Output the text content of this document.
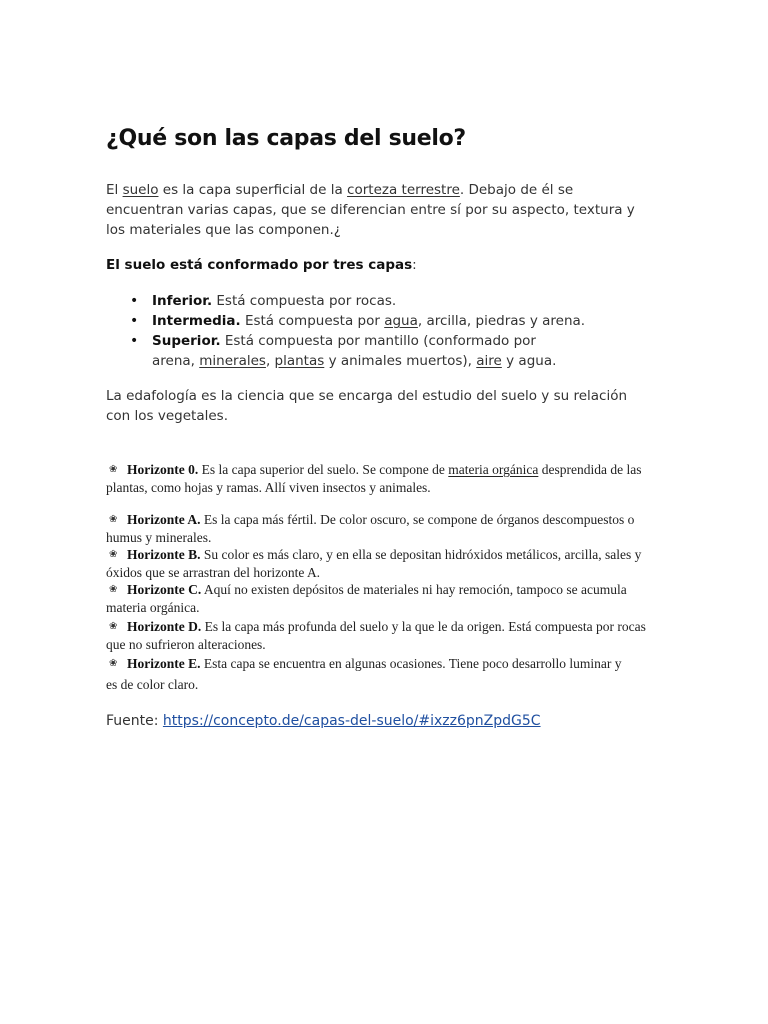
¿Qué son las capas del suelo?

El suelo es la capa superficial de la corteza terrestre. Debajo de él se encuentran varias capas, que se diferencian entre sí por su aspecto, textura y los materiales que las componen.¿

El suelo está conformado por tres capas:

• Inferior. Está compuesta por rocas.
• Intermedia. Está compuesta por agua, arcilla, piedras y arena.
• Superior. Está compuesta por mantillo (conformado por arena, minerales, plantas y animales muertos), aire y agua.

La edafología es la ciencia que se encarga del estudio del suelo y su relación con los vegetales.

❀ Horizonte 0. Es la capa superior del suelo. Se compone de materia orgánica desprendida de las plantas, como hojas y ramas. Allí viven insectos y animales.
❀ Horizonte A. Es la capa más fértil. De color oscuro, se compone de órganos descompuestos o humus y minerales.
❀ Horizonte B. Su color es más claro, y en ella se depositan hidróxidos metálicos, arcilla, sales y óxidos que se arrastran del horizonte A.
❀ Horizonte C. Aquí no existen depósitos de materiales ni hay remoción, tampoco se acumula materia orgánica.
❀ Horizonte D. Es la capa más profunda del suelo y la que le da origen. Está compuesta por rocas que no sufrieron alteraciones.
❀ Horizonte E. Esta capa se encuentra en algunas ocasiones. Tiene poco desarrollo luminar y es de color claro.

Fuente: https://concepto.de/capas-del-suelo/#ixzz6pnZpdG5C
